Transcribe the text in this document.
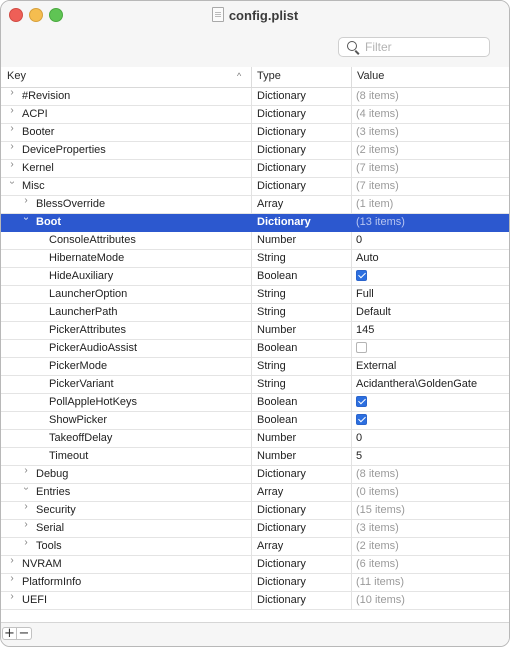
config.plist
Filter
Key	^ Type	Value
› #Revision	Dictionary	(8 items)
› ACPI	Dictionary	(4 items)
› Booter	Dictionary	(3 items)
› DeviceProperties	Dictionary	(2 items)
› Kernel	Dictionary	(7 items)
› Misc	Dictionary	(7 items)
› BlessOverride	Array	(1 item)
› Boot	Dictionary	(13 items)
ConsoleAttributes	Number	0
HibernateMode	String	Auto
HideAuxiliary	Boolean
LauncherOption	String	Full
LauncherPath	String	Default
PickerAttributes	Number	145
PickerAudioAssist	Boolean
PickerMode	String	External
PickerVariant	String	Acidanthera\GoldenGate
PollAppleHotKeys	Boolean
ShowPicker	Boolean
TakeoffDelay	Number	0
Timeout	Number	5
› Debug	Dictionary	(8 items)
› Entries	Array	(0 items)
› Security	Dictionary	(15 items)
› Serial	Dictionary	(3 items)
› Tools	Array	(2 items)
› NVRAM	Dictionary	(6 items)
› PlatformInfo	Dictionary	(11 items)
› UEFI	Dictionary	(10 items)
+ −
